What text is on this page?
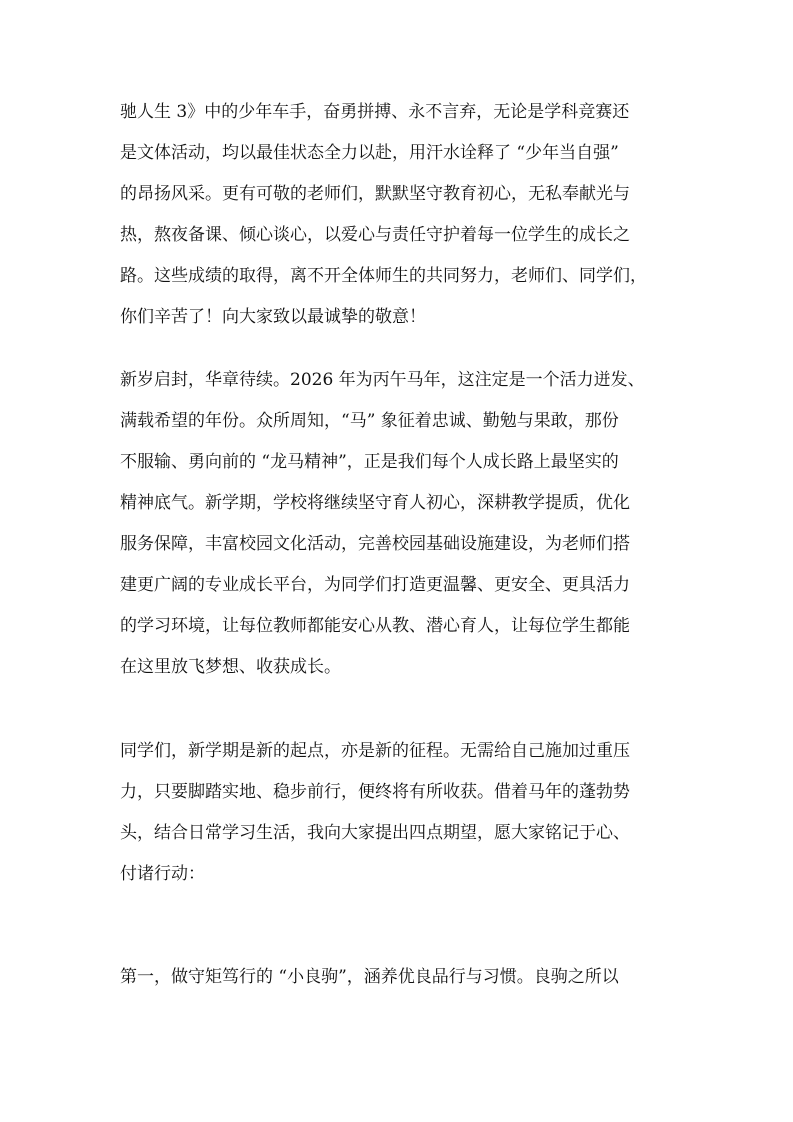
驰人生 3》中的少年车手，奋勇拼搏、永不言弃，无论是学科竞赛还
是文体活动，均以最佳状态全力以赴，用汗水诠释了 “少年当自强”
的昂扬风采。更有可敬的老师们，默默坚守教育初心，无私奉献光与
热，熬夜备课、倾心谈心，以爱心与责任守护着每一位学生的成长之
路。这些成绩的取得，离不开全体师生的共同努力，老师们、同学们，
你们辛苦了！向大家致以最诚挚的敬意！
新岁启封，华章待续。2026 年为丙午马年，这注定是一个活力迸发、
满载希望的年份。众所周知，“马” 象征着忠诚、勤勉与果敢，那份
不服输、勇向前的 “龙马精神”，正是我们每个人成长路上最坚实的
精神底气。新学期，学校将继续坚守育人初心，深耕教学提质，优化
服务保障，丰富校园文化活动，完善校园基础设施建设，为老师们搭
建更广阔的专业成长平台，为同学们打造更温馨、更安全、更具活力
的学习环境，让每位教师都能安心从教、潜心育人，让每位学生都能
在这里放飞梦想、收获成长。
同学们，新学期是新的起点，亦是新的征程。无需给自己施加过重压
力，只要脚踏实地、稳步前行，便终将有所收获。借着马年的蓬勃势
头，结合日常学习生活，我向大家提出四点期望，愿大家铭记于心、
付诸行动：
第一，做守矩笃行的 “小良驹”，涵养优良品行与习惯。良驹之所以
